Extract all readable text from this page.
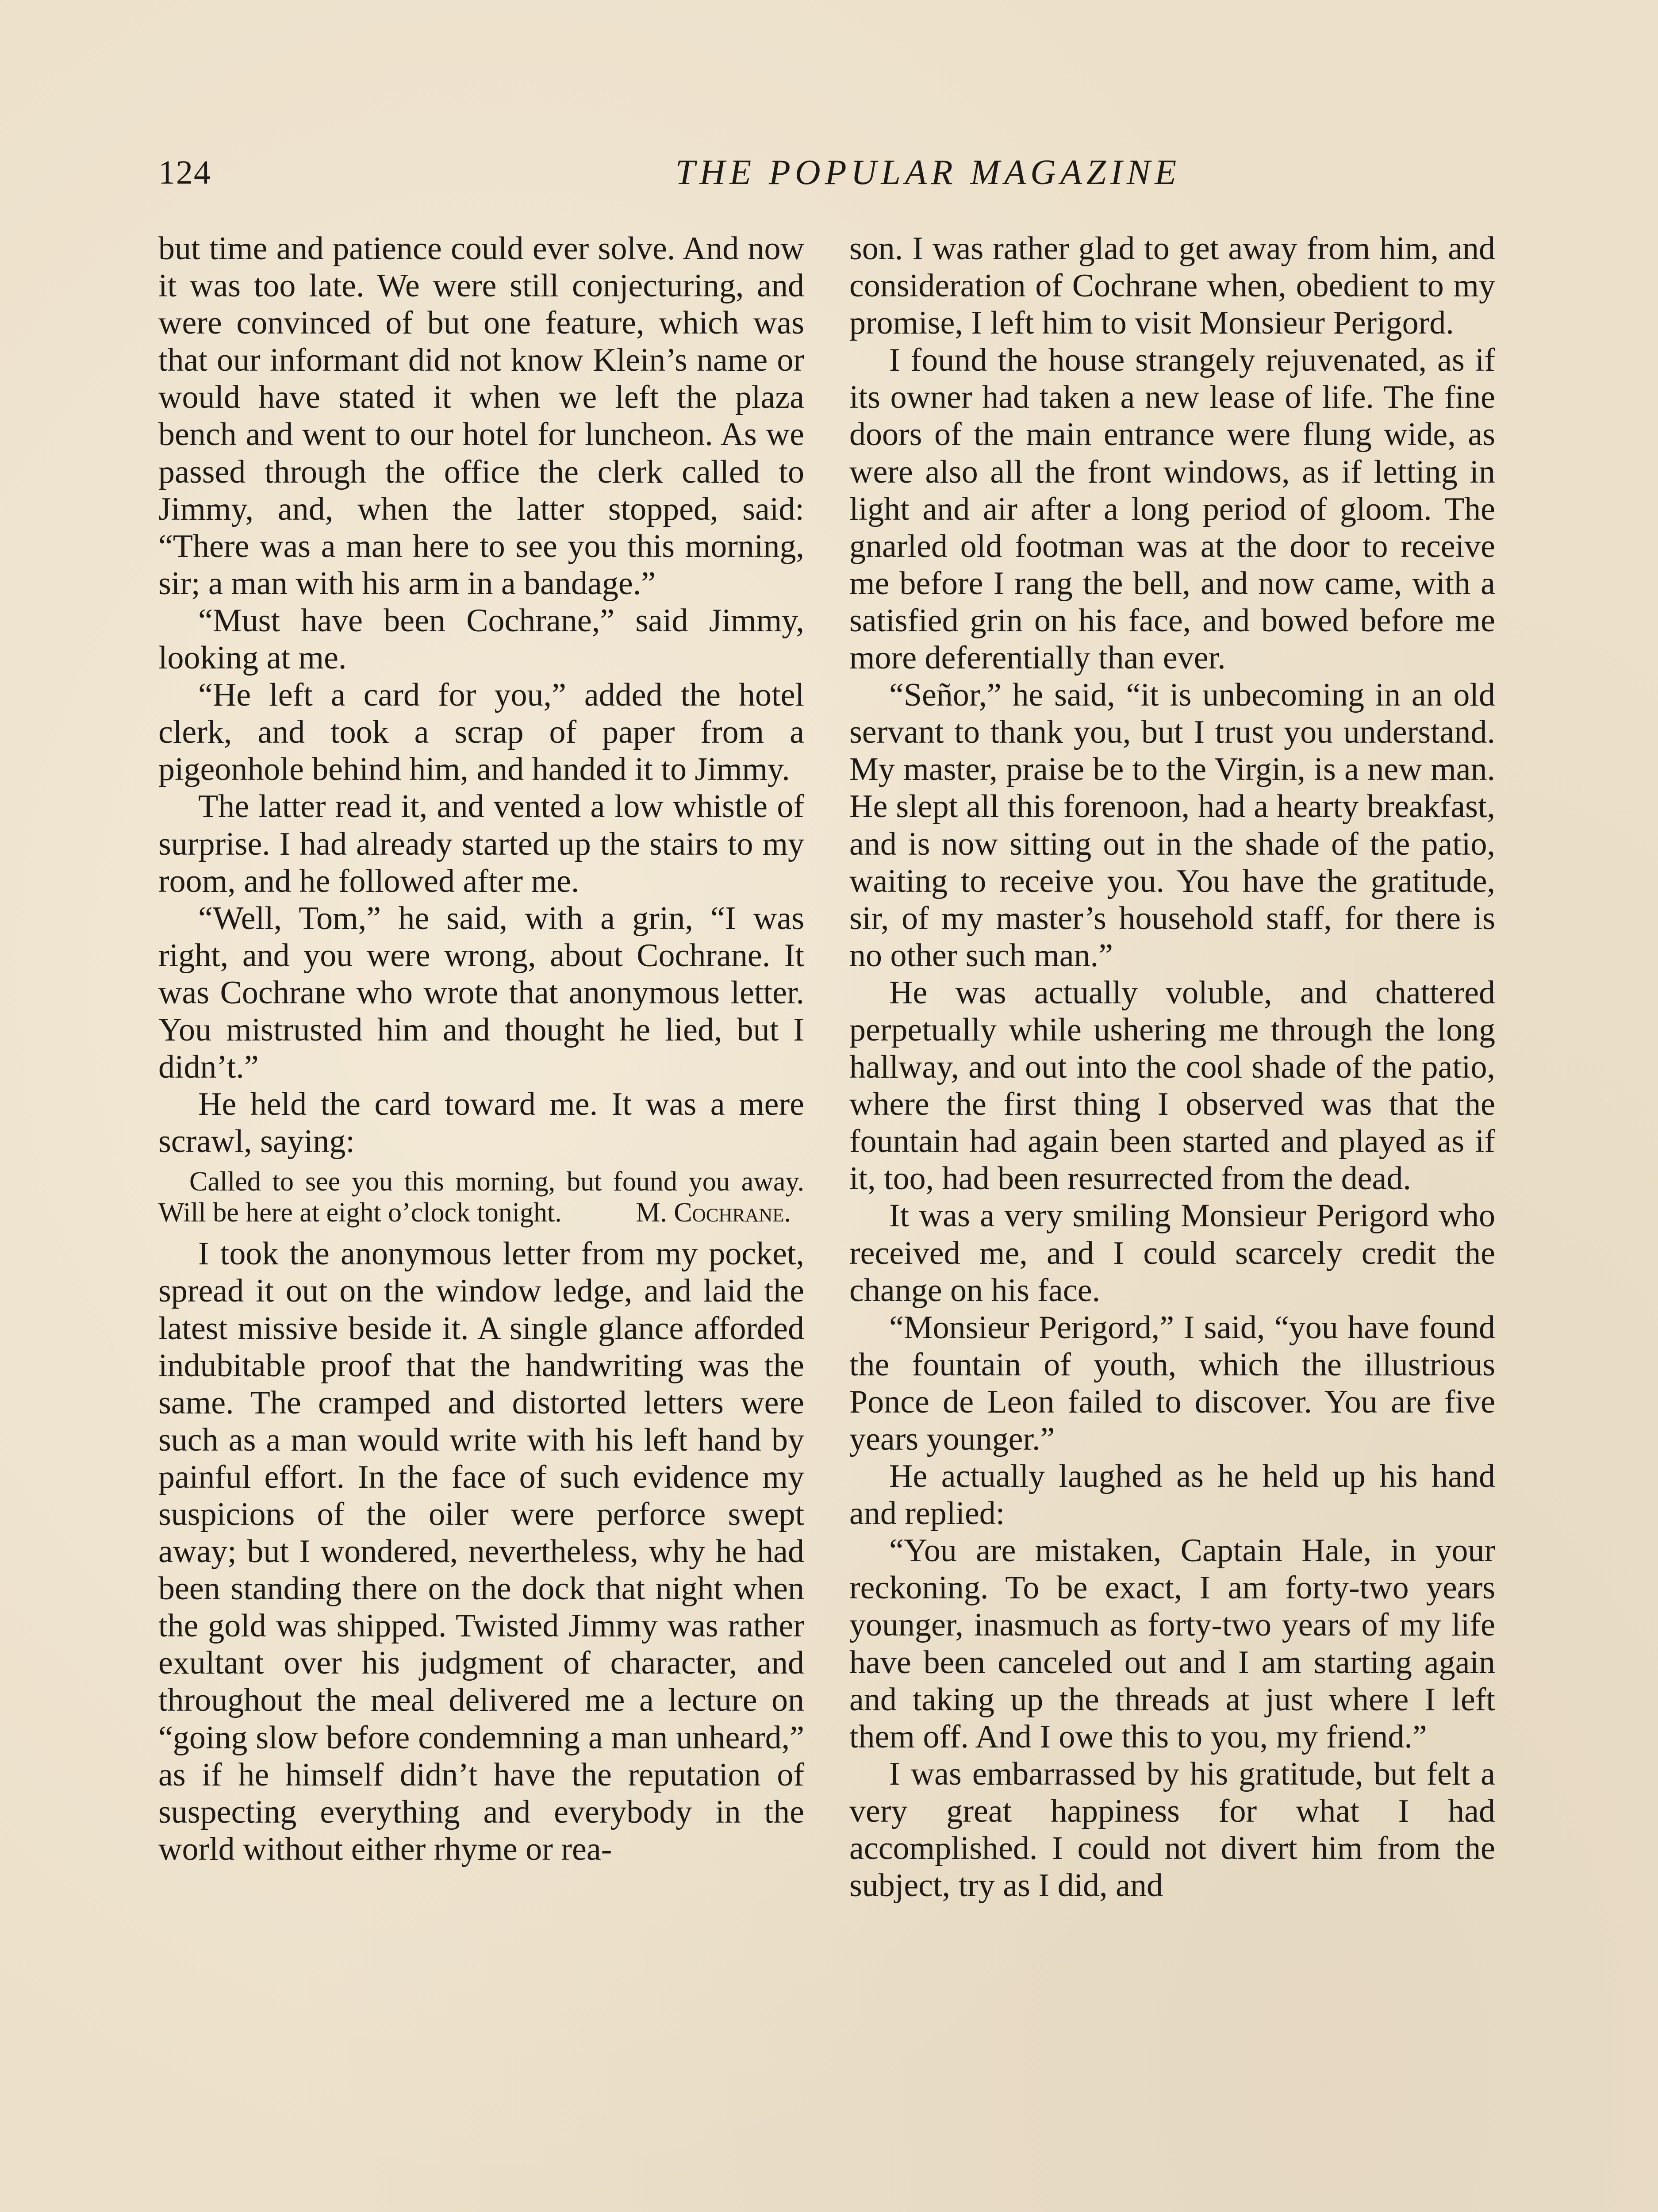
124	THE POPULAR MAGAZINE

but time and patience could ever solve. And now it was too late. We were still conjecturing, and were convinced of but one feature, which was that our informant did not know Klein’s name or would have stated it when we left the plaza bench and went to our hotel for luncheon. As we passed through the office the clerk called to Jimmy, and, when the latter stopped, said: “There was a man here to see you this morning, sir; a man with his arm in a bandage.”

“Must have been Cochrane,” said Jimmy, looking at me.

“He left a card for you,” added the hotel clerk, and took a scrap of paper from a pigeonhole behind him, and handed it to Jimmy.

The latter read it, and vented a low whistle of surprise. I had already started up the stairs to my room, and he followed after me.

“Well, Tom,” he said, with a grin, “I was right, and you were wrong, about Cochrane. It was Cochrane who wrote that anonymous letter. You mistrusted him and thought he lied, but I didn’t.”

He held the card toward me. It was a mere scrawl, saying:

Called to see you this morning, but found you away. Will be here at eight o’clock tonight.	M. Cochrane.

I took the anonymous letter from my pocket, spread it out on the window ledge, and laid the latest missive beside it. A single glance afforded indubitable proof that the handwriting was the same. The cramped and distorted letters were such as a man would write with his left hand by painful effort. In the face of such evidence my suspicions of the oiler were perforce swept away; but I wondered, nevertheless, why he had been standing there on the dock that night when the gold was shipped. Twisted Jimmy was rather exultant over his judgment of character, and throughout the meal delivered me a lecture on “going slow before condemning a man unheard,” as if he himself didn’t have the reputation of suspecting everything and everybody in the world without either rhyme or rea-

son. I was rather glad to get away from him, and consideration of Cochrane when, obedient to my promise, I left him to visit Monsieur Perigord.

I found the house strangely rejuvenated, as if its owner had taken a new lease of life. The fine doors of the main entrance were flung wide, as were also all the front windows, as if letting in light and air after a long period of gloom. The gnarled old footman was at the door to receive me before I rang the bell, and now came, with a satisfied grin on his face, and bowed before me more deferentially than ever.

“Señor,” he said, “it is unbecoming in an old servant to thank you, but I trust you understand. My master, praise be to the Virgin, is a new man. He slept all this forenoon, had a hearty breakfast, and is now sitting out in the shade of the patio, waiting to receive you. You have the gratitude, sir, of my master’s household staff, for there is no other such man.”

He was actually voluble, and chattered perpetually while ushering me through the long hallway, and out into the cool shade of the patio, where the first thing I observed was that the fountain had again been started and played as if it, too, had been resurrected from the dead.

It was a very smiling Monsieur Perigord who received me, and I could scarcely credit the change on his face.

“Monsieur Perigord,” I said, “you have found the fountain of youth, which the illustrious Ponce de Leon failed to discover. You are five years younger.”

He actually laughed as he held up his hand and replied:

“You are mistaken, Captain Hale, in your reckoning. To be exact, I am forty-two years younger, inasmuch as forty-two years of my life have been canceled out and I am starting again and taking up the threads at just where I left them off. And I owe this to you, my friend.”

I was embarrassed by his gratitude, but felt a very great happiness for what I had accomplished. I could not divert him from the subject, try as I did, and
